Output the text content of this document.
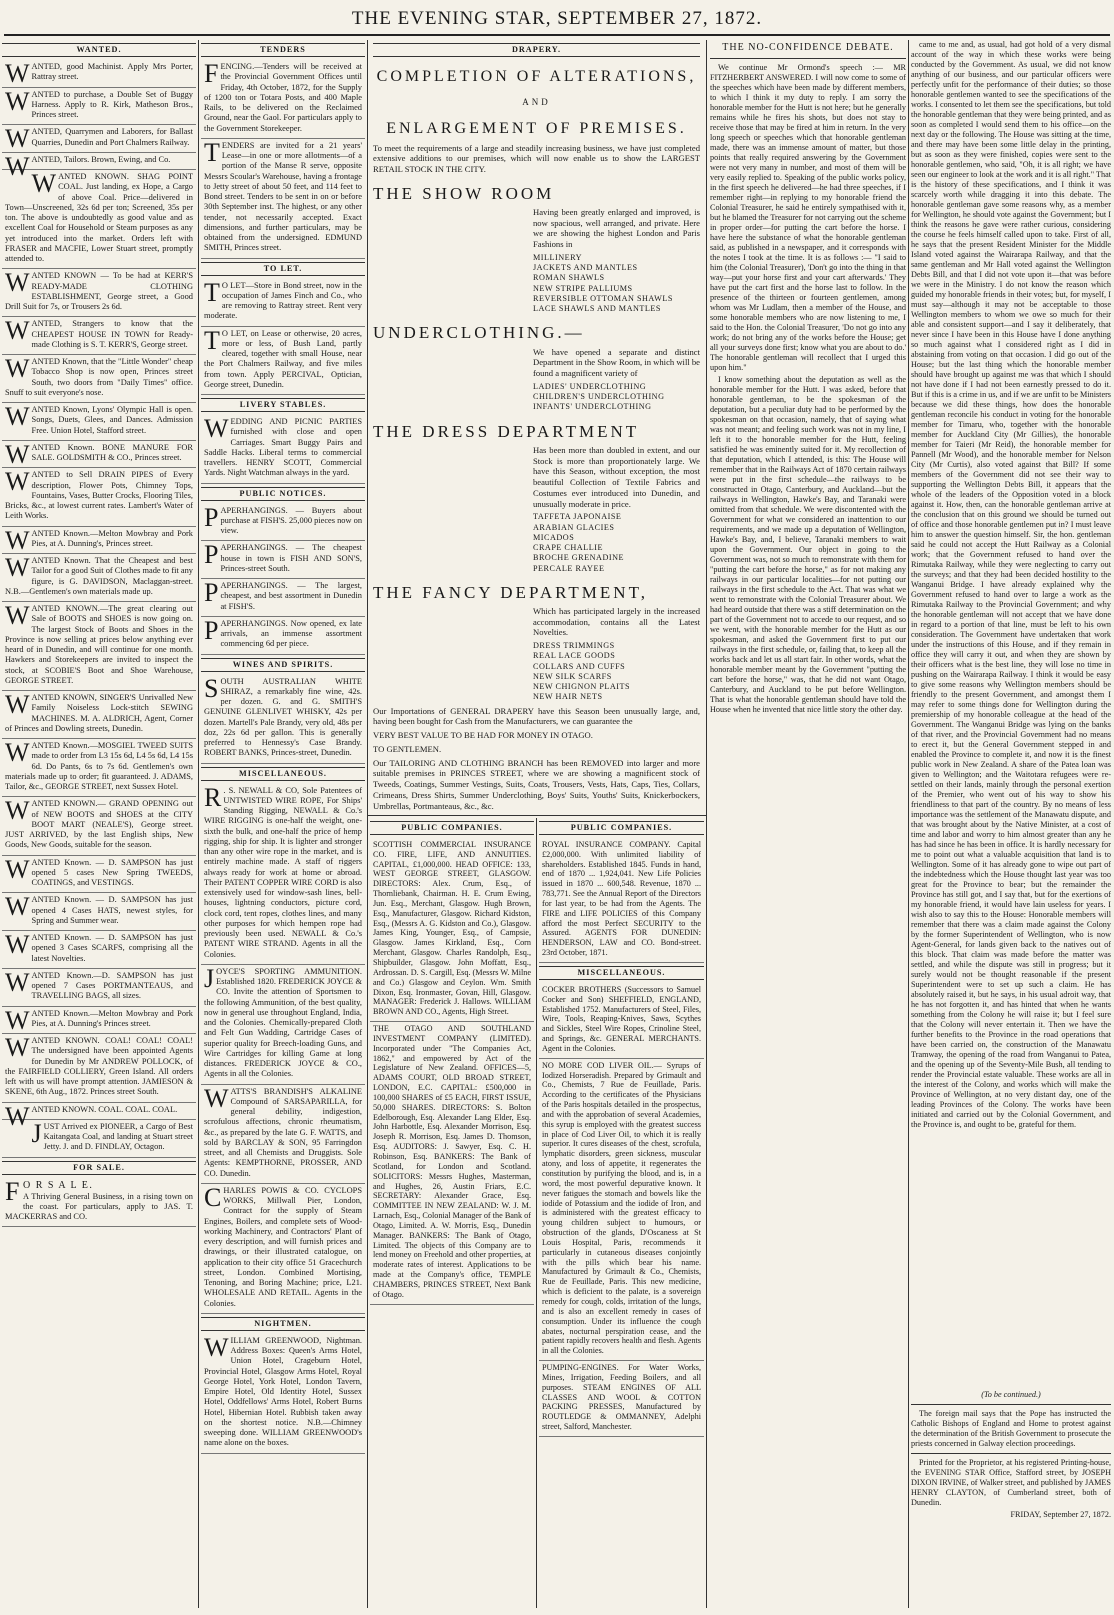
THE EVENING STAR, SEPTEMBER 27, 1872.
WANTED.

WANTED, good Machinist. Apply Mrs Porter, Rattray street.

WANTED to purchase, a Double Set of Buggy Harness. Apply to R. Kirk, Matheson Bros., Princes street.

WANTED, Quarrymen and Laborers, for Ballast Quarries, Dunedin and Port Chalmers Railway.

WANTED, Tailors. Brown, Ewing, and Co.

WANTED KNOWN. SHAG POINT COAL. Just landing, ex Hope, a Cargo of above Coal. Price—delivered in Town—Unscreened, 32s 6d per ton; Screened, 35s per ton. The above is undoubtedly as good value and as excellent Coal for Household or Steam purposes as any yet introduced into the market. Orders left with FRASER and MACFIE, Lower Stuart street, promptly attended to.

WANTED KNOWN — To be had at KERR'S READY-MADE CLOTHING ESTABLISHMENT, George street, a Good Drill Suit for 7s, or Trousers 2s 6d.

WANTED, Strangers to know that the CHEAPEST HOUSE IN TOWN for Ready-made Clothing is S. T. KERR'S, George street.

WANTED Known, that the "Little Wonder" cheap Tobacco Shop is now open, Princes street South, two doors from "Daily Times" office. Snuff to suit everyone's nose.

WANTED Known, Lyons' Olympic Hall is open. Songs, Duets, Glees, and Dances. Admission Free. Union Hotel, Stafford street.

WANTED Known. BONE MANURE FOR SALE. GOLDSMITH & CO., Princes street.

WANTED to Sell DRAIN PIPES of Every description, Flower Pots, Chimney Tops, Fountains, Vases, Butter Crocks, Flooring Tiles, Bricks, &c., at lowest current rates. Lambert's Water of Leith Works.

WANTED Known.—Melton Mowbray and Pork Pies, at A. Dunning's, Princes street.

WANTED Known. That the Cheapest and best Tailor for a good Suit of Clothes made to fit any figure, is G. DAVIDSON, Maclaggan-street. N.B.—Gentlemen's own materials made up.

WANTED KNOWN.—The great clearing out Sale of BOOTS and SHOES is now going on. The largest Stock of Boots and Shoes in the Province is now selling at prices below anything ever heard of in Dunedin, and will continue for one month. Hawkers and Storekeepers are invited to inspect the stock, at SCOBIE'S Boot and Shoe Warehouse, GEORGE STREET.

WANTED KNOWN, SINGER'S Unrivalled New Family Noiseless Lock-stitch SEWING MACHINES. M. A. ALDRICH, Agent, Corner of Princes and Dowling streets, Dunedin.

WANTED Known.—MOSGIEL TWEED SUITS made to order from L3 15s 6d, L4 5s 6d, L4 15s 6d. Do Pants, 6s to 7s 6d. Gentlemen's own materials made up to order; fit guaranteed. J. ADAMS, Tailor, &c., GEORGE STREET, next Sussex Hotel.

WANTED KNOWN.— GRAND OPENING out of NEW BOOTS and SHOES at the CITY BOOT MART (NEALE'S), George street. JUST ARRIVED, by the last English ships, New Goods, New Goods, suitable for the season.

WANTED Known. — D. SAMPSON has just opened 5 cases New Spring TWEEDS, COATINGS, and VESTINGS.

WANTED Known. — D. SAMPSON has just opened 4 Cases HATS, newest styles, for Spring and Summer wear.

WANTED Known. — D. SAMPSON has just opened 3 Cases SCARFS, comprising all the latest Novelties.

WANTED Known.—D. SAMPSON has just opened 7 Cases PORTMANTEAUS, and TRAVELLING BAGS, all sizes.

WANTED Known.—Melton Mowbray and Pork Pies, at A. Dunning's Princes street.

WANTED KNOWN. COAL! COAL! COAL! The undersigned have been appointed Agents for Dunedin by Mr ANDREW POLLOCK, of the FAIRFIELD COLLIERY, Green Island. All orders left with us will have prompt attention. JAMIESON & SKENE, 6th Aug., 1872. Princes street South.

WANTED KNOWN. COAL. COAL. COAL.

JUST Arrived ex PIONEER, a Cargo of Best Kaitangata Coal, and landing at Stuart street Jetty. J. and D. FINDLAY, Octagon.

FOR SALE.

F O R S A L E.

A Thriving General Business, in a rising town on the coast. For particulars, apply to JAS. T. MACKERRAS and CO.

TENDERS

FENCING.—Tenders will be received at the Provincial Government Offices until Friday, 4th October, 1872, for the Supply of 1200 ton or Totara Posts, and 400 Maple Rails, to be delivered on the Reclaimed Ground, near the Gaol. For particulars apply to the Government Storekeeper.

TENDERS are invited for a 21 years' Lease—in one or more allotments—of a portion of the Manse R serve, opposite Messrs Scoular's Warehouse, having a frontage to Jetty street of about 50 feet, and 114 feet to Bond street. Tenders to be sent in on or before 30th September inst. The highest, or any other tender, not necessarily accepted. Exact dimensions, and further particulars, may be obtained from the undersigned. EDMUND SMITH, Princes street.

TO LET.

T O LET—Store in Bond street, now in the occupation of James Finch and Co., who are removing to Rattray street. Rent very moderate.

T O LET, on Lease or otherwise, 20 acres, more or less, of Bush Land, partly cleared, together with small House, near the Port Chalmers Railway, and five miles from town. Apply PERCIVAL, Optician, George street, Dunedin.

LIVERY STABLES.

WEDDING AND PICNIC PARTIES furnished with close and open Carriages. Smart Buggy Pairs and Saddle Hacks. Liberal terms to commercial travellers. HENRY SCOTT, Commercial Yards. Night Watchman always in the yard.

PUBLIC NOTICES.

PAPERHANGINGS. — Buyers about purchase at FISH'S. 25,000 pieces now on view.

PAPERHANGINGS. — The cheapest house in town is FISH AND SON'S, Princes-street South.

PAPERHANGINGS. — The largest, cheapest, and best assortment in Dunedin at FISH'S.

PAPERHANGINGS. Now opened, ex late arrivals, an immense assortment commencing 6d per piece.

WINES AND SPIRITS.

SOUTH AUSTRALIAN WHITE SHIRAZ, a remarkably fine wine, 42s. per dozen. G. and G. SMITH'S GENUINE GLENLIVET WHISKY, 42s per dozen. Martell's Pale Brandy, very old, 48s per doz, 22s 6d per gallon. This is generally preferred to Hennessy's Case Brandy. ROBERT BANKS, Princes-street, Dunedin.

MISCELLANEOUS.

R . S. NEWALL & CO, Sole Patentees of UNTWISTED WIRE ROPE, For Ships' Standing Rigging, NEWALL & Co.'s WIRE RIGGING is one-half the weight, one-sixth the bulk, and one-half the price of hemp rigging, ship for ship. It is lighter and stronger than any other wire rope in the market, and is entirely machine made. A staff of riggers always ready for work at home or abroad. Their PATENT COPPER WIRE CORD is also extensively used for window-sash lines, bell-houses, lightning conductors, picture cord, clock cord, tent ropes, clothes lines, and many other purposes for which hempen rope had previously been used. NEWALL & Co.'s PATENT WIRE STRAND. Agents in all the Colonies.

JOYCE'S SPORTING AMMUNITION. Established 1820. FREDERICK JOYCE & CO. Invite the attention of Sportsmen to the following Ammunition, of the best quality, now in general use throughout England, India, and the Colonies. Chemically-prepared Cloth and Felt Gun Wadding, Cartridge Cases of superior quality for Breech-loading Guns, and Wire Cartridges for killing Game at long distances. FREDERICK JOYCE & CO., Agents in all the Colonies.

WATTS'S BRANDISH'S ALKALINE Compound of SARSAPARILLA, for general debility, indigestion, scrofulous affections, chronic rheumatism, &c., as prepared by the late G. F. WATTS, and sold by BARCLAY & SON, 95 Farringdon street, and all Chemists and Druggists. Sole Agents: KEMPTHORNE, PROSSER, AND CO. Dunedin.

CHARLES POWIS & CO. CYCLOPS WORKS, Millwall Pier, London, Contract for the supply of Steam Engines, Boilers, and complete sets of Wood-working Machinery, and Contractors' Plant of every description, and will furnish prices and drawings, or their illustrated catalogue, on application to their city office 51 Gracechurch street, London. Combined Mortising, Tenoning, and Boring Machine; price, L21. WHOLESALE AND RETAIL. Agents in the Colonies.

NIGHTMEN.

WILLIAM GREENWOOD, Nightman. Address Boxes: Queen's Arms Hotel, Union Hotel, Crageburn Hotel, Provincial Hotel, Glasgow Arms Hotel, Royal George Hotel, York Hotel, London Tavern, Empire Hotel, Old Identity Hotel, Sussex Hotel, Oddfellows' Arms Hotel, Robert Burns Hotel, Hibernian Hotel. Rubbish taken away on the shortest notice. N.B.—Chimney sweeping done. WILLIAM GREENWOOD's name alone on the boxes.

DRAPERY.
COMPLETION OF ALTERATIONS,
AND
ENLARGEMENT OF PREMISES.

To meet the requirements of a large and steadily increasing business, we have just completed extensive additions to our premises, which will now enable us to show the LARGEST RETAIL STOCK IN THE CITY.

THE SHOW ROOM

Having been greatly enlarged and improved, is now spacious, well arranged, and private. Here we are showing the highest London and Paris Fashions in

MILLINERY
JACKETS AND MANTLES
ROMAN SHAWLS
NEW STRIPE PALLIUMS
REVERSIBLE OTTOMAN SHAWLS
LACE SHAWLS AND MANTLES
UNDERCLOTHING.—

We have opened a separate and distinct Department in the Show Room, in which will be found a magnificent variety of

LADIES' UNDERCLOTHING
CHILDREN'S UNDERCLOTHING
INFANTS' UNDERCLOTHING
THE DRESS DEPARTMENT

Has been more than doubled in extent, and our Stock is more than proportionately large. We have this Season, without exception, the most beautiful Collection of Textile Fabrics and Costumes ever introduced into Dunedin, and unusually moderate in price.

TAFFETA JAPONAISE
ARABIAN GLACIES
MICADOS
CRAPE CHALLIE
BROCHE GRENADINE
PERCALE RAYEE
THE FANCY DEPARTMENT,

Which has participated largely in the increased accommodation, contains all the Latest Novelties.

DRESS TRIMMINGS
REAL LACE GOODS
COLLARS AND CUFFS
NEW SILK SCARFS
NEW CHIGNON PLAITS
NEW HAIR NETS

Our Importations of GENERAL DRAPERY have this Season been unusually large, and, having been bought for Cash from the Manufacturers, we can guarantee the

VERY BEST VALUE TO BE HAD FOR MONEY IN OTAGO.

TO GENTLEMEN.

Our TAILORING AND CLOTHING BRANCH has been REMOVED into larger and more suitable premises in PRINCES STREET, where we are showing a magnificent stock of Tweeds, Coatings, Summer Vestings, Suits, Coats, Trousers, Vests, Hats, Caps, Ties, Collars, Crimeans, Dress Shirts, Summer Underclothing, Boys' Suits, Youths' Suits, Knickerbockers, Umbrellas, Portmanteaus, &c., &c.

PUBLIC COMPANIES.

SCOTTISH COMMERCIAL INSURANCE CO. FIRE, LIFE, AND ANNUITIES. CAPITAL, £1,000,000. HEAD OFFICE: 133, WEST GEORGE STREET, GLASGOW. DIRECTORS: Alex. Crum, Esq., of Thornliebank, Chairman. H. E. Crum Ewing, Jun. Esq., Merchant, Glasgow. Hugh Brown, Esq., Manufacturer, Glasgow. Richard Kidston, Esq., (Messrs A. G. Kidston and Co.), Glasgow. James King, Younger, Esq., of Campsie, Glasgow. James Kirkland, Esq., Corn Merchant, Glasgow. Charles Randolph, Esq., Shipbuilder, Glasgow. John Moffatt, Esq., Ardrossan. D. S. Cargill, Esq. (Messrs W. Milne and Co.) Glasgow and Ceylon. Wm. Smith Dixon, Esq. Ironmaster, Govan, Hill, Glasgow. MANAGER: Frederick J. Hallows. WILLIAM BROWN AND CO., Agents, High Street.

THE OTAGO AND SOUTHLAND INVESTMENT COMPANY (LIMITED). Incorporated under "The Companies Act, 1862," and empowered by Act of the Legislature of New Zealand. OFFICES—5, ADAMS COURT, OLD BROAD STREET, LONDON, E.C. CAPITAL: £500,000 in 100,000 SHARES of £5 EACH, FIRST ISSUE, 50,000 SHARES. DIRECTORS: S. Bolton Edelborough, Esq. Alexander Lang Elder, Esq. John Harbottle, Esq. Alexander Morrison, Esq. Joseph R. Morrison, Esq. James D. Thomson, Esq. AUDITORS: J. Sawyer, Esq. C. H. Robinson, Esq. BANKERS: The Bank of Scotland, for London and Scotland. SOLICITORS: Messrs Hughes, Masterman, and Hughes, 26, Austin Friars, E.C. SECRETARY: Alexander Grace, Esq. COMMITTEE IN NEW ZEALAND: W. J. M. Larnach, Esq., Colonial Manager of the Bank of Otago, Limited. A. W. Morris, Esq., Dunedin Manager. BANKERS: The Bank of Otago, Limited. The objects of this Company are to lend money on Freehold and other properties, at moderate rates of interest. Applications to be made at the Company's office, TEMPLE CHAMBERS, PRINCES STREET, Next Bank of Otago.

PUBLIC COMPANIES.

ROYAL INSURANCE COMPANY. Capital £2,000,000. With unlimited liability of shareholders. Established 1845. Funds in hand, end of 1870 ... 1,924,041. New Life Policies issued in 1870 ... 600,548. Revenue, 1870 ... 783,771. See the Annual Report of the Directors for last year, to be had from the Agents. The FIRE and LIFE POLICIES of this Company afford the most Perfect SECURITY to the Assured. AGENTS FOR DUNEDIN: HENDERSON, LAW and CO. Bond-street. 23rd October, 1871.

MISCELLANEOUS.

COCKER BROTHERS (Successors to Samuel Cocker and Son) SHEFFIELD, ENGLAND, Established 1752. Manufacturers of Steel, Files, Wire, Tools, Reaping-Knives, Saws, Scythes and Sickles, Steel Wire Ropes, Crinoline Steel, and Springs, &c. GENERAL MERCHANTS. Agent in the Colonies.

NO MORE COD LIVER OIL.— Syrups of Iodized Horseradish. Prepared by Grimault and Co., Chemists, 7 Rue de Feuillade, Paris. According to the certificates of the Physicians of the Paris hospitals detailed in the prospectus, and with the approbation of several Academies, this syrup is employed with the greatest success in place of Cod Liver Oil, to which it is really superior. It cures diseases of the chest, scrofula, lymphatic disorders, green sickness, muscular atony, and loss of appetite, it regenerates the constitution by purifying the blood, and is, in a word, the most powerful depurative known. It never fatigues the stomach and bowels like the iodide of Potassium and the iodide of Iron, and is administered with the greatest efficacy to young children subject to humours, or obstruction of the glands, D'Oscaness at St Louis Hospital, Paris, recommends it particularly in cutaneous diseases conjointly with the pills which bear his name. Manufactured by Grimault & Co., Chemists, Rue de Feuillade, Paris. This new medicine, which is deficient to the palate, is a sovereign remedy for cough, colds, irritation of the lungs, and is also an excellent remedy in cases of consumption. Under its influence the cough abates, nocturnal perspiration cease, and the patient rapidly recovers health and flesh. Agents in all the Colonies.

PUMPING-ENGINES. For Water Works, Mines, Irrigation, Feeding Boilers, and all purposes. STEAM ENGINES OF ALL CLASSES AND WOOL & COTTON PACKING PRESSES, Manufactured by ROUTLEDGE & OMMANNEY, Adelphi street, Salford, Manchester.

THE NO-CONFIDENCE DEBATE.

We continue Mr Ormond's speech :— MR FITZHERBERT ANSWERED. I will now come to some of the speeches which have been made by different members, to which I think it my duty to reply. I am sorry the honorable member for the Hutt is not here; but he generally remains while he fires his shots, but does not stay to receive those that may be fired at him in return. In the very long speech or speeches which that honorable gentleman made, there was an immense amount of matter, but those points that really required answering by the Government were not very many in number, and most of them will be very easily replied to. Speaking of the public works policy, in the first speech he delivered—he had three speeches, if I remember right—in replying to my honorable friend the Colonial Treasurer, he said he entirely sympathised with it, but he blamed the Treasurer for not carrying out the scheme in proper order—for putting the cart before the horse. I have here the substance of what the honorable gentleman said, as published in a newspaper, and it corresponds with the notes I took at the time. It is as follows :— "I said to him (the Colonial Treasurer), 'Don't go into the thing in that way—put your horse first and your cart afterwards.' They have put the cart first and the horse last to follow. In the presence of the thirteen or fourteen gentlemen, among whom was Mr Ludlam, then a member of the House, and some honorable members who are now listening to me, I said to the Hon. the Colonial Treasurer, 'Do not go into any work; do not bring any of the works before the House; get all your surveys done first; know what you are about to do.' The honorable gentleman will recollect that I urged this upon him."

I know something about the deputation as well as the honorable member for the Hutt. I was asked, before that honorable gentleman, to be the spokesman of the deputation, but a peculiar duty had to be performed by the spokesman on that occasion, namely, that of saying what was not meant; and feeling such work was not in my line, I left it to the honorable member for the Hutt, feeling satisfied he was eminently suited for it. My recollection of that deputation, which I attended, is this: The House will remember that in the Railways Act of 1870 certain railways were put in the first schedule—the railways to be constructed in Otago, Canterbury, and Auckland—but the railways in Wellington, Hawke's Bay, and Taranaki were omitted from that schedule. We were discontented with the Government for what we considered an inattention to our requirements, and we made up a deputation of Wellington, Hawke's Bay, and, I believe, Taranaki members to wait upon the Government. Our object in going to the Government was, not so much to remonstrate with them for "putting the cart before the horse," as for not making any railways in our particular localities—for not putting our railways in the first schedule to the Act. That was what we went to remonstrate with the Colonial Treasurer about. We had heard outside that there was a stiff determination on the part of the Government not to accede to our request, and so we went, with the honorable member for the Hutt as our spokesman, and asked the Government first to put our railways in the first schedule, or, failing that, to keep all the works back and let us all start fair. In other words, what the honorable member meant by the Government "putting the cart before the horse," was, that he did not want Otago, Canterbury, and Auckland to be put before Wellington. That is what the honorable gentleman should have told the House when he invented that nice little story the other day.

came to me and, as usual, had got hold of a very dismal account of the way in which these works were being conducted by the Government. As usual, we did not know anything of our business, and our particular officers were perfectly unfit for the performance of their duties; so those honorable gentlemen wanted to see the specifications of the works. I consented to let them see the specifications, but told the honorable gentleman that they were being printed, and as soon as completed I would send them to his office—on the next day or the following. The House was sitting at the time, and there may have been some little delay in the printing, but as soon as they were finished, copies were sent to the honorable gentlemen, who said, "Oh, it is all right; we have seen our engineer to look at the work and it is all right." That is the history of these specifications, and I think it was scarcely worth while dragging it into this debate. The honorable gentleman gave some reasons why, as a member for Wellington, he should vote against the Government; but I think the reasons he gave were rather curious, considering the course he feels himself called upon to take. First of all, he says that the present Resident Minister for the Middle Island voted against the Wairarapa Railway, and that the same gentleman and Mr Hall voted against the Wellington Debts Bill, and that I did not vote upon it—that was before we were in the Ministry. I do not know the reason which guided my honorable friends in their votes; but, for myself, I must say—although it may not be acceptable to those Wellington members to whom we owe so much for their able and consistent support—and I say it deliberately, that never since I have been in this House have I done anything so much against what I considered right as I did in abstaining from voting on that occasion. I did go out of the House; but the last thing which the honorable member should have brought up against me was that which I should not have done if I had not been earnestly pressed to do it. But if this is a crime in us, and if we are unfit to be Ministers because we did these things, how does the honorable gentleman reconcile his conduct in voting for the honorable member for Timaru, who, together with the honorable member for Auckland City (Mr Gillies), the honorable member for Taieri (Mr Reid), the honorable member for Pannell (Mr Wood), and the honorable member for Nelson City (Mr Curtis), also voted against that Bill? If some members of the Government did not see their way to supporting the Wellington Debts Bill, it appears that the whole of the leaders of the Opposition voted in a block against it. How, then, can the honorable gentleman arrive at the conclusion that on this ground we should be turned out of office and those honorable gentlemen put in? I must leave him to answer the question himself. Sir, the hon. gentleman said he could not accept the Hutt Railway as a Colonial work; that the Government refused to hand over the Rimutaka Railway, while they were neglecting to carry out the surveys; and that they had been decided hostility to the Wanganui Bridge. I have already explained why the Government refused to hand over to large a work as the Rimutaka Railway to the Provincial Government; and why the honorable gentleman will not accept that we have done in regard to a portion of that line, must be left to his own consideration. The Government have undertaken that work under the instructions of this House, and if they remain in office they will carry it out, and when they are shown by their officers what is the best line, they will lose no time in pushing on the Wairarapa Railway. I think it would be easy to give some reasons why Wellington members should be friendly to the present Government, and amongst them I may refer to some things done for Wellington during the premiership of my honorable colleague at the head of the Government. The Wanganui Bridge was lying on the banks of that river, and the Provincial Government had no means to erect it, but the General Government stepped in and enabled the Province to complete it, and now it is the finest public work in New Zealand. A share of the Patea loan was given to Wellington; and the Waitotara refugees were re-settled on their lands, mainly through the personal exertion of the Premier, who went out of his way to show his friendliness to that part of the country. By no means of less importance was the settlement of the Manawatu dispute, and that was brought about by the Native Minister, at a cost of time and labor and worry to him almost greater than any he has had since he has been in office. It is hardly necessary for me to point out what a valuable acquisition that land is to Wellington. Some of it has already gone to wipe out part of the indebtedness which the House thought last year was too great for the Province to bear; but the remainder the Province has still got, and I say that, but for the exertions of my honorable friend, it would have lain useless for years. I wish also to say this to the House: Honorable members will remember that there was a claim made against the Colony by the former Superintendent of Wellington, who is now Agent-General, for lands given back to the natives out of this block. That claim was made before the matter was settled, and while the dispute was still in progress; but it surely would not be thought reasonable if the present Superintendent were to set up such a claim. He has absolutely raised it, but he says, in his usual adroit way, that he has not forgotten it, and has hinted that when he wants something from the Colony he will raise it; but I feel sure that the Colony will never entertain it. Then we have the further benefits to the Province in the road operations that have been carried on, the construction of the Manawatu Tramway, the opening of the road from Wanganui to Patea, and the opening up of the Seventy-Mile Bush, all tending to render the Provincial estate valuable. These works are all in the interest of the Colony, and works which will make the Province of Wellington, at no very distant day, one of the leading Provinces of the Colony. The works have been initiated and carried out by the Colonial Government, and the Province is, and ought to be, grateful for them.

(To be continued.)

The foreign mail says that the Pope has instructed the Catholic Bishops of England and Home to protest against the determination of the British Government to prosecute the priests concerned in Galway election proceedings.

Printed for the Proprietor, at his registered Printing-house, the EVENING STAR Office, Stafford street, by JOSEPH DIXON IRVINE, of Walker street, and published by JAMES HENRY CLAYTON, of Cumberland street, both of Dunedin.

FRIDAY, September 27, 1872.
